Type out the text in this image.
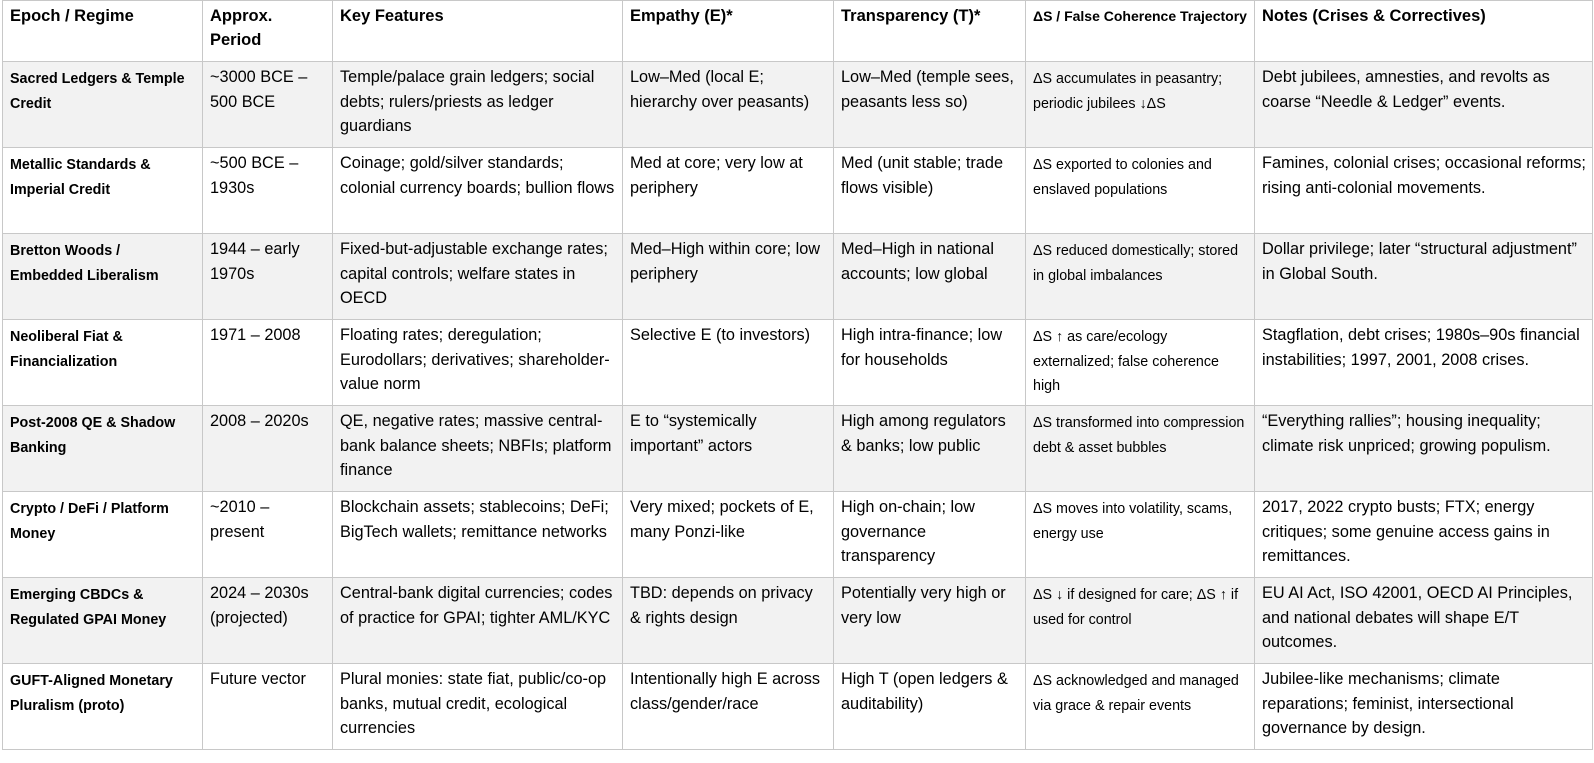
Epoch / Regime	Approx. Period	Key Features	Empathy (E)*	Transparency (T)*	ΔS / False Coherence Trajectory	Notes (Crises & Correctives)
Sacred Ledgers & Temple Credit	~3000 BCE – 500 BCE	Temple/palace grain ledgers; social debts; rulers/priests as ledger guardians	Low–Med (local E; hierarchy over peasants)	Low–Med (temple sees, peasants less so)	ΔS accumulates in peasantry; periodic jubilees ↓ΔS	Debt jubilees, amnesties, and revolts as coarse “Needle & Ledger” events.
Metallic Standards & Imperial Credit	~500 BCE – 1930s	Coinage; gold/silver standards; colonial currency boards; bullion flows	Med at core; very low at periphery	Med (unit stable; trade flows visible)	ΔS exported to colonies and enslaved populations	Famines, colonial crises; occasional reforms; rising anti-colonial movements.
Bretton Woods / Embedded Liberalism	1944 – early 1970s	Fixed-but-adjustable exchange rates; capital controls; welfare states in OECD	Med–High within core; low periphery	Med–High in national accounts; low global	ΔS reduced domestically; stored in global imbalances	Dollar privilege; later “structural adjustment” in Global South.
Neoliberal Fiat & Financialization	1971 – 2008	Floating rates; deregulation; Eurodollars; derivatives; shareholder-value norm	Selective E (to investors)	High intra-finance; low for households	ΔS ↑ as care/ecology externalized; false coherence high	Stagflation, debt crises; 1980s–90s financial instabilities; 1997, 2001, 2008 crises.
Post-2008 QE & Shadow Banking	2008 – 2020s	QE, negative rates; massive central-bank balance sheets; NBFIs; platform finance	E to “systemically important” actors	High among regulators & banks; low public	ΔS transformed into compression debt & asset bubbles	“Everything rallies”; housing inequality; climate risk unpriced; growing populism.
Crypto / DeFi / Platform Money	~2010 – present	Blockchain assets; stablecoins; DeFi; BigTech wallets; remittance networks	Very mixed; pockets of E, many Ponzi-like	High on-chain; low governance transparency	ΔS moves into volatility, scams, energy use	2017, 2022 crypto busts; FTX; energy critiques; some genuine access gains in remittances.
Emerging CBDCs & Regulated GPAI Money	2024 – 2030s (projected)	Central-bank digital currencies; codes of practice for GPAI; tighter AML/KYC	TBD: depends on privacy & rights design	Potentially very high or very low	ΔS ↓ if designed for care; ΔS ↑ if used for control	EU AI Act, ISO 42001, OECD AI Principles, and national debates will shape E/T outcomes.
GUFT-Aligned Monetary Pluralism (proto)	Future vector	Plural monies: state fiat, public/co-op banks, mutual credit, ecological currencies	Intentionally high E across class/gender/race	High T (open ledgers & auditability)	ΔS acknowledged and managed via grace & repair events	Jubilee-like mechanisms; climate reparations; feminist, intersectional governance by design.
